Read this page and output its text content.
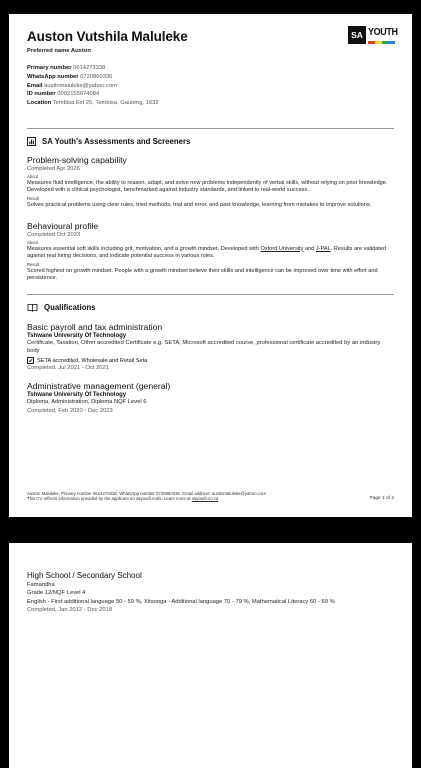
Auston Vutshila Maluleke
Preferred name Auston
SA YOUTH
Primary number 0614273338
WhatsApp number 0720860336
Email austinmaluleke@yahoo.com
ID number 0002155674084
Location Tembisa Ext 26, Tembisa, Gauteng, 1632
SA Youth's Assessments and Screeners
Problem-solving capability
Completed Apr 2026
About
Measures fluid intelligence, the ability to reason, adapt, and solve new problems independently of verbal skills, without relying on prior knowledge. Developed with a clinical psychologist, benchmarked against industry standards, and linked to real-world success.
Result
Solves practical problems using clear rules, tried methods, trial and error, and past knowledge, learning from mistakes to improve solutions.
Behavioural profile
Completed Oct 2023
About
Measures essential soft skills including grit, motivation, and a growth mindset. Developed with Oxford University and J-PAL. Results are validated against real hiring decisions, and indicate potential success in various roles.
Result
Scored highest on growth mindset. People with a growth mindset believe their skills and intelligence can be improved over time with effort and persistence.
Qualifications
Basic payroll and tax administration
Tshwane University Of Technology
Certificate, Taxation, Other accredited Certificate e.g. SETA, Microsoft accredited course, professional certificate accredited by an industry body
SETA accredited, Wholesale and Retail Seta
Completed, Jul 2021 - Oct 2021
Administrative management (general)
Tshwane University Of Technology
Diploma, Administration, Diploma NQF Level 6
Completed, Feb 2020 - Dec 2023
Auston Maluleke, Primary number 0614273338, WhatsApp number 0720860336, Email address: austinmaluleke@yahoo.com
This CV reflects information provided by the applicant on sayouth.mobi. Learn more at sayouth.co.za	Page 1 of 2
High School / Secondary School
Famandha
Grade 12/NQF Level 4
English - First additional language 50 - 59 %, Xitsonga - Additional language 70 - 79 %, Mathematical Literacy 60 - 69 %
Completed, Jan 2012 - Dec 2018
